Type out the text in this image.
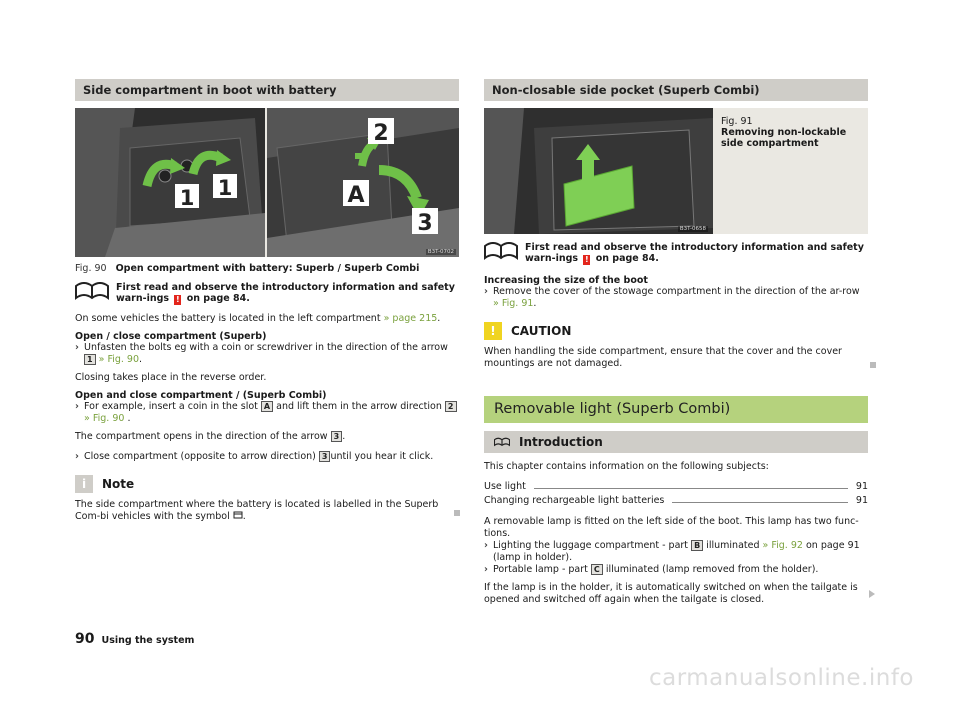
Side compartment in boot with battery
1 1
2
A
3
B3T-0702
Fig. 90 Open compartment with battery: Superb / Superb Combi
First read and observe the introductory information and safety warn-ings ! on page 84.

On some vehicles the battery is located in the left compartment » page 215.

Open / close compartment (Superb)
› Unfasten the bolts eg with a coin or screwdriver in the direction of the arrow 1 » Fig. 90.

Closing takes place in the reverse order.

Open and close compartment / (Superb Combi)
› For example, insert a coin in the slot A and lift them in the arrow direction 2» Fig. 90 .

The compartment opens in the direction of the arrow 3 .

› Close compartment (opposite to arrow direction) 3 until you hear it click.
i	Note

The side compartment where the battery is located is labelled in the Superb Com-bi vehicles with the symbol .

Non-closable side pocket (Superb Combi)
B3T-0658
Fig. 91
Removing non-lockable side compartment
First read and observe the introductory information and safety warn-ings ! on page 84.
Increasing the size of the boot
› Remove the cover of the stowage compartment in the direction of the ar-row » Fig. 91.
!	CAUTION

When handling the side compartment, ensure that the cover and the cover mountings are not damaged.

Removable light (Superb Combi)
Introduction

This chapter contains information on the following subjects:

Use light	91
Changing rechargeable light batteries	91

A removable lamp is fitted on the left side of the boot. This lamp has two func-tions.

› Lighting the luggage compartment - part B illuminated » Fig. 92 on page 91 (lamp in holder).
› Portable lamp - part C illuminated (lamp removed from the holder).

If the lamp is in the holder, it is automatically switched on when the tailgate is opened and switched off again when the tailgate is closed.

90 Using the system
carmanualsonline.info
